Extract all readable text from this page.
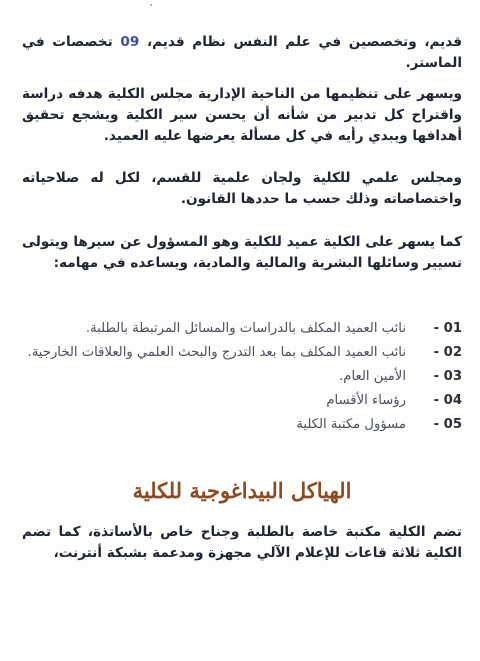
قديم، وتخصصين في علم النفس نظام قديم، 09 تخصصات في الماستر.
ويسهر على تنظيمها من الناحية الإدارية مجلس الكلية هدفه دراسة واقتراح كل تدبير من شأنه أن يحسن سير الكلية ويشجع تحقيق أهدافها ويبدي رأيه في كل مسألة يعرضها عليه العميد.
ومجلس علمي للكلية ولجان علمية للقسم، لكل له صلاحياته واختصاصاته وذلك حسب ما حددها القانون.
كما يسهر على الكلية عميد للكلية وهو المسؤول عن سيرها ويتولى تسيير وسائلها البشرية والمالية والمادية، ويساعده في مهامه:
01 -
نائب العميد المكلف بالدراسات والمسائل المرتبطة بالطلبة.
02 -
نائب العميد المكلف بما بعد التدرج والبحث العلمي والعلاقات الخارجية.
03 -
الأمين العام.
04 -
رؤساء الأقسام
05 -
مسؤول مكتبة الكلية
الهياكل البيداغوجية للكلية
تضم الكلية مكتبة خاصة بالطلبة وجناح خاص بالأساتذة، كما تضم الكلية ثلاثة قاعات للإعلام الآلي مجهزة ومدعمة بشبكة أنترنت،
